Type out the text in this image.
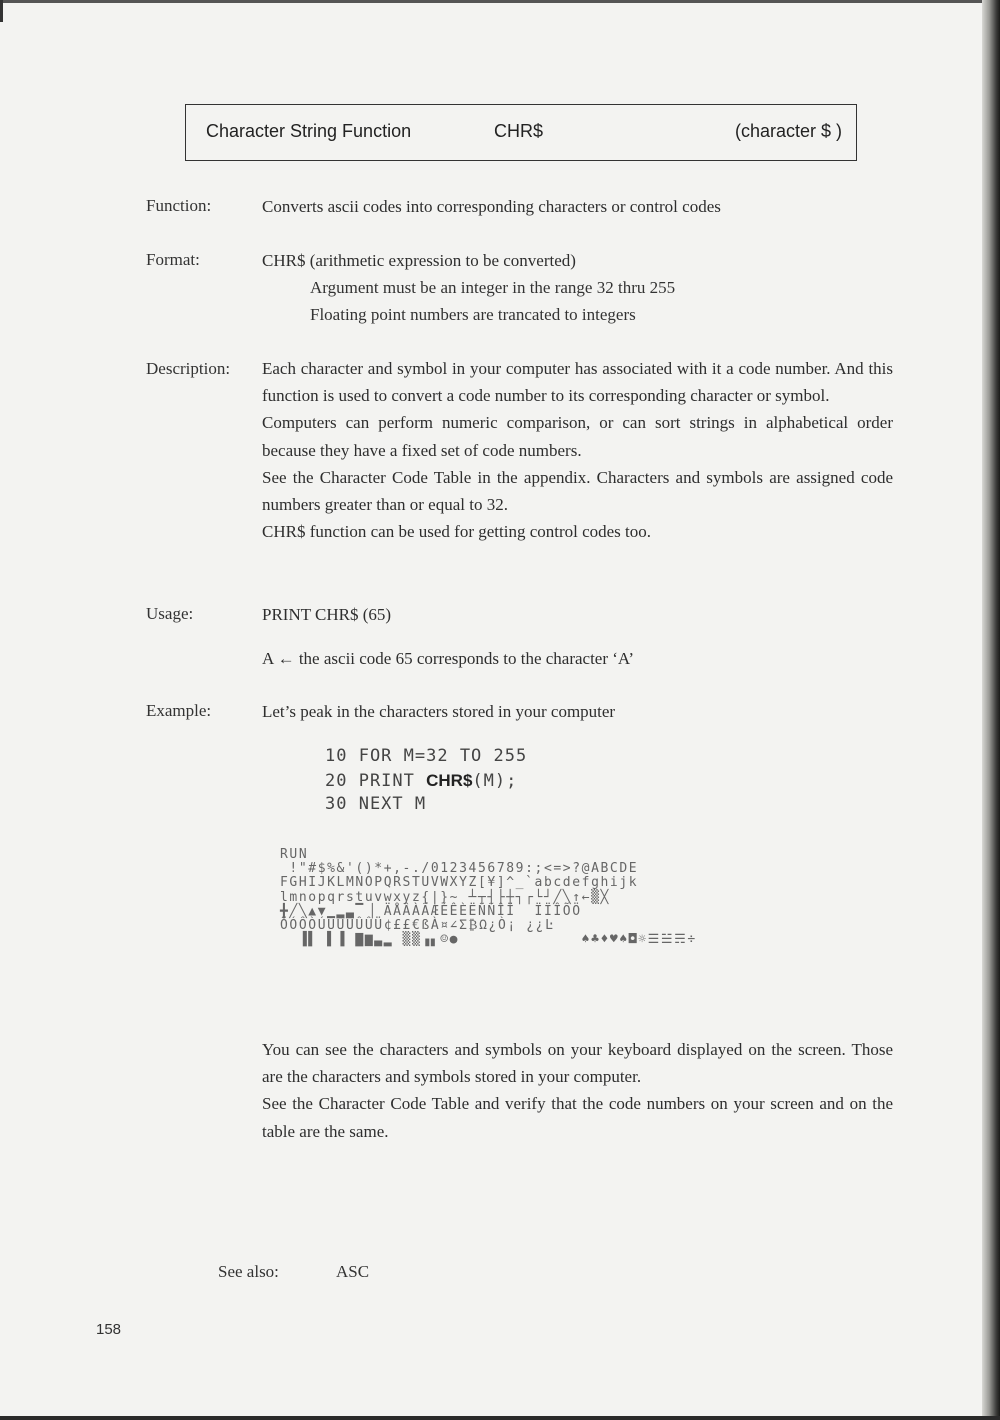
Character String Function	CHR$	(character $ )
Function:	Converts ascii codes into corresponding characters or control codes
Format:	CHR$ (arithmetic expression to be converted)
Argument must be an integer in the range 32 thru 255
Floating point numbers are trancated to integers
Description: Each character and symbol in your computer has associated with it a code number. And this function is used to convert a code number to its corresponding character or symbol.

Computers can perform numeric comparison, or can sort strings in alphabetical order because they have a fixed set of code numbers.

See the Character Code Table in the appendix. Characters and symbols are assigned code numbers greater than or equal to 32.

CHR$ function can be used for getting control codes too.

Usage:	PRINT CHR$ (65)
A ← the ascii code 65 corresponds to the character ‘A’
Example:	Let’s peak in the characters stored in your computer
10 FOR M=32 TO 255
20 PRINT CHR$(M);
30 NEXT M
RUN
!"#$%&'()*+,-./0123456789:;<=>?@ABCDE
FGHIJKLMNOPQRSTUVWXYZ[¥]^_`abcdefghijk
lmnopqrstuvwxyz{|}~ ┴┬┤├┼┐┌└┘╱╲↑←▒╳
╋╱╲▲▼▁▂▃▔▕ ÄÅÂÀÃÆÉÊÈËÑÑÎÏ  ÏÏÎÕÖ
ÕÓÔÒÚÛÙÜÛÛÜ¢££€ßÀ¤∠Σ₿Ω¿Ò¡ ¿¿Ŀ
▐▌ ▌▐ ▇▆▃▂ ▒▒▗▖☺●             ♠♣♦♥♠◘☼☰☱☴÷

You can see the characters and symbols on your keyboard displayed on the screen. Those are the characters and symbols stored in your computer.

See the Character Code Table and verify that the code numbers on your screen and on the table are the same.

See also:	ASC
158
